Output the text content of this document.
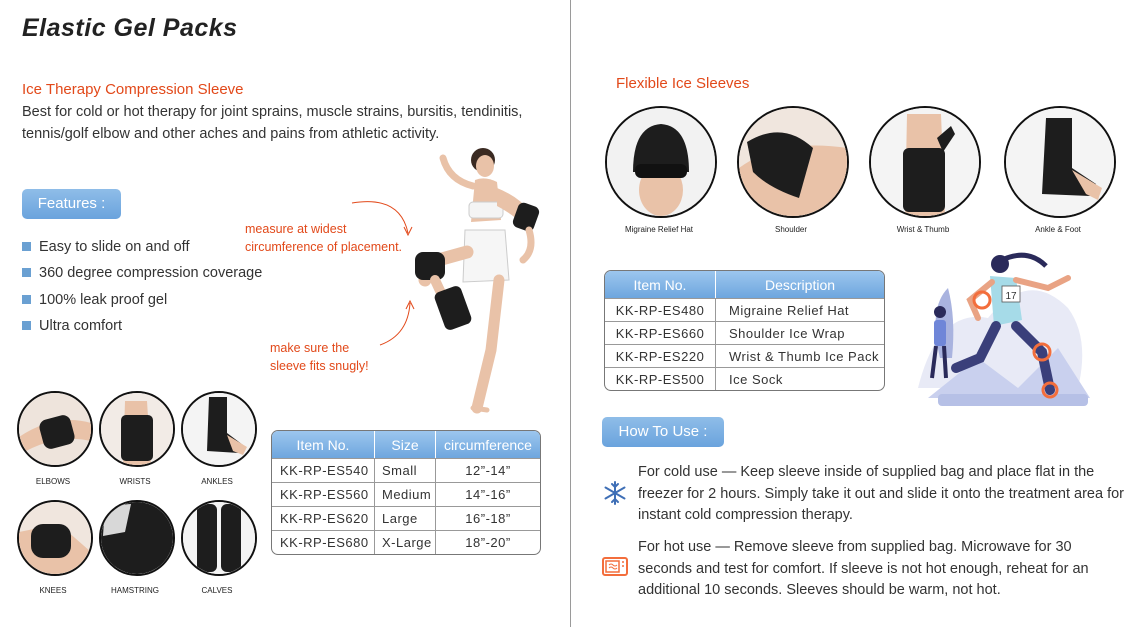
Elastic Gel Packs
Ice Therapy Compression Sleeve
Best for cold or hot therapy for joint sprains, muscle strains, bursitis, tendinitis, tennis/golf elbow and other aches and pains from athletic activity.
Features :
Easy to slide on and off
360 degree compression coverage
100% leak proof gel
Ultra comfort
measure at widest circumference of placement.
make sure the sleeve fits snugly!
ELBOWS	WRISTS	ANKLES
KNEES	HAMSTRING	CALVES
Item No.	Size	circumference
KK-RP-ES540	Small	12”-14”
KK-RP-ES560	Medium	14”-16”
KK-RP-ES620	Large	16”-18”
KK-RP-ES680	X-Large	18”-20”
Flexible Ice Sleeves
Migraine Relief Hat	Shoulder	Wrist & Thumb	Ankle & Foot
Item No.	Description
KK-RP-ES480	Migraine Relief Hat
KK-RP-ES660	Shoulder Ice Wrap
KK-RP-ES220	Wrist & Thumb Ice Pack
KK-RP-ES500	Ice Sock
17
How To Use :
For cold use — Keep sleeve inside of supplied bag and place flat in the freezer for 2 hours. Simply take it out and slide it onto the treatment area for instant cold compression therapy.
For hot use — Remove sleeve from supplied bag. Microwave for 30 seconds and test for comfort. If sleeve is not hot enough, reheat for an additional 10 seconds. Sleeves should be warm, not hot.
